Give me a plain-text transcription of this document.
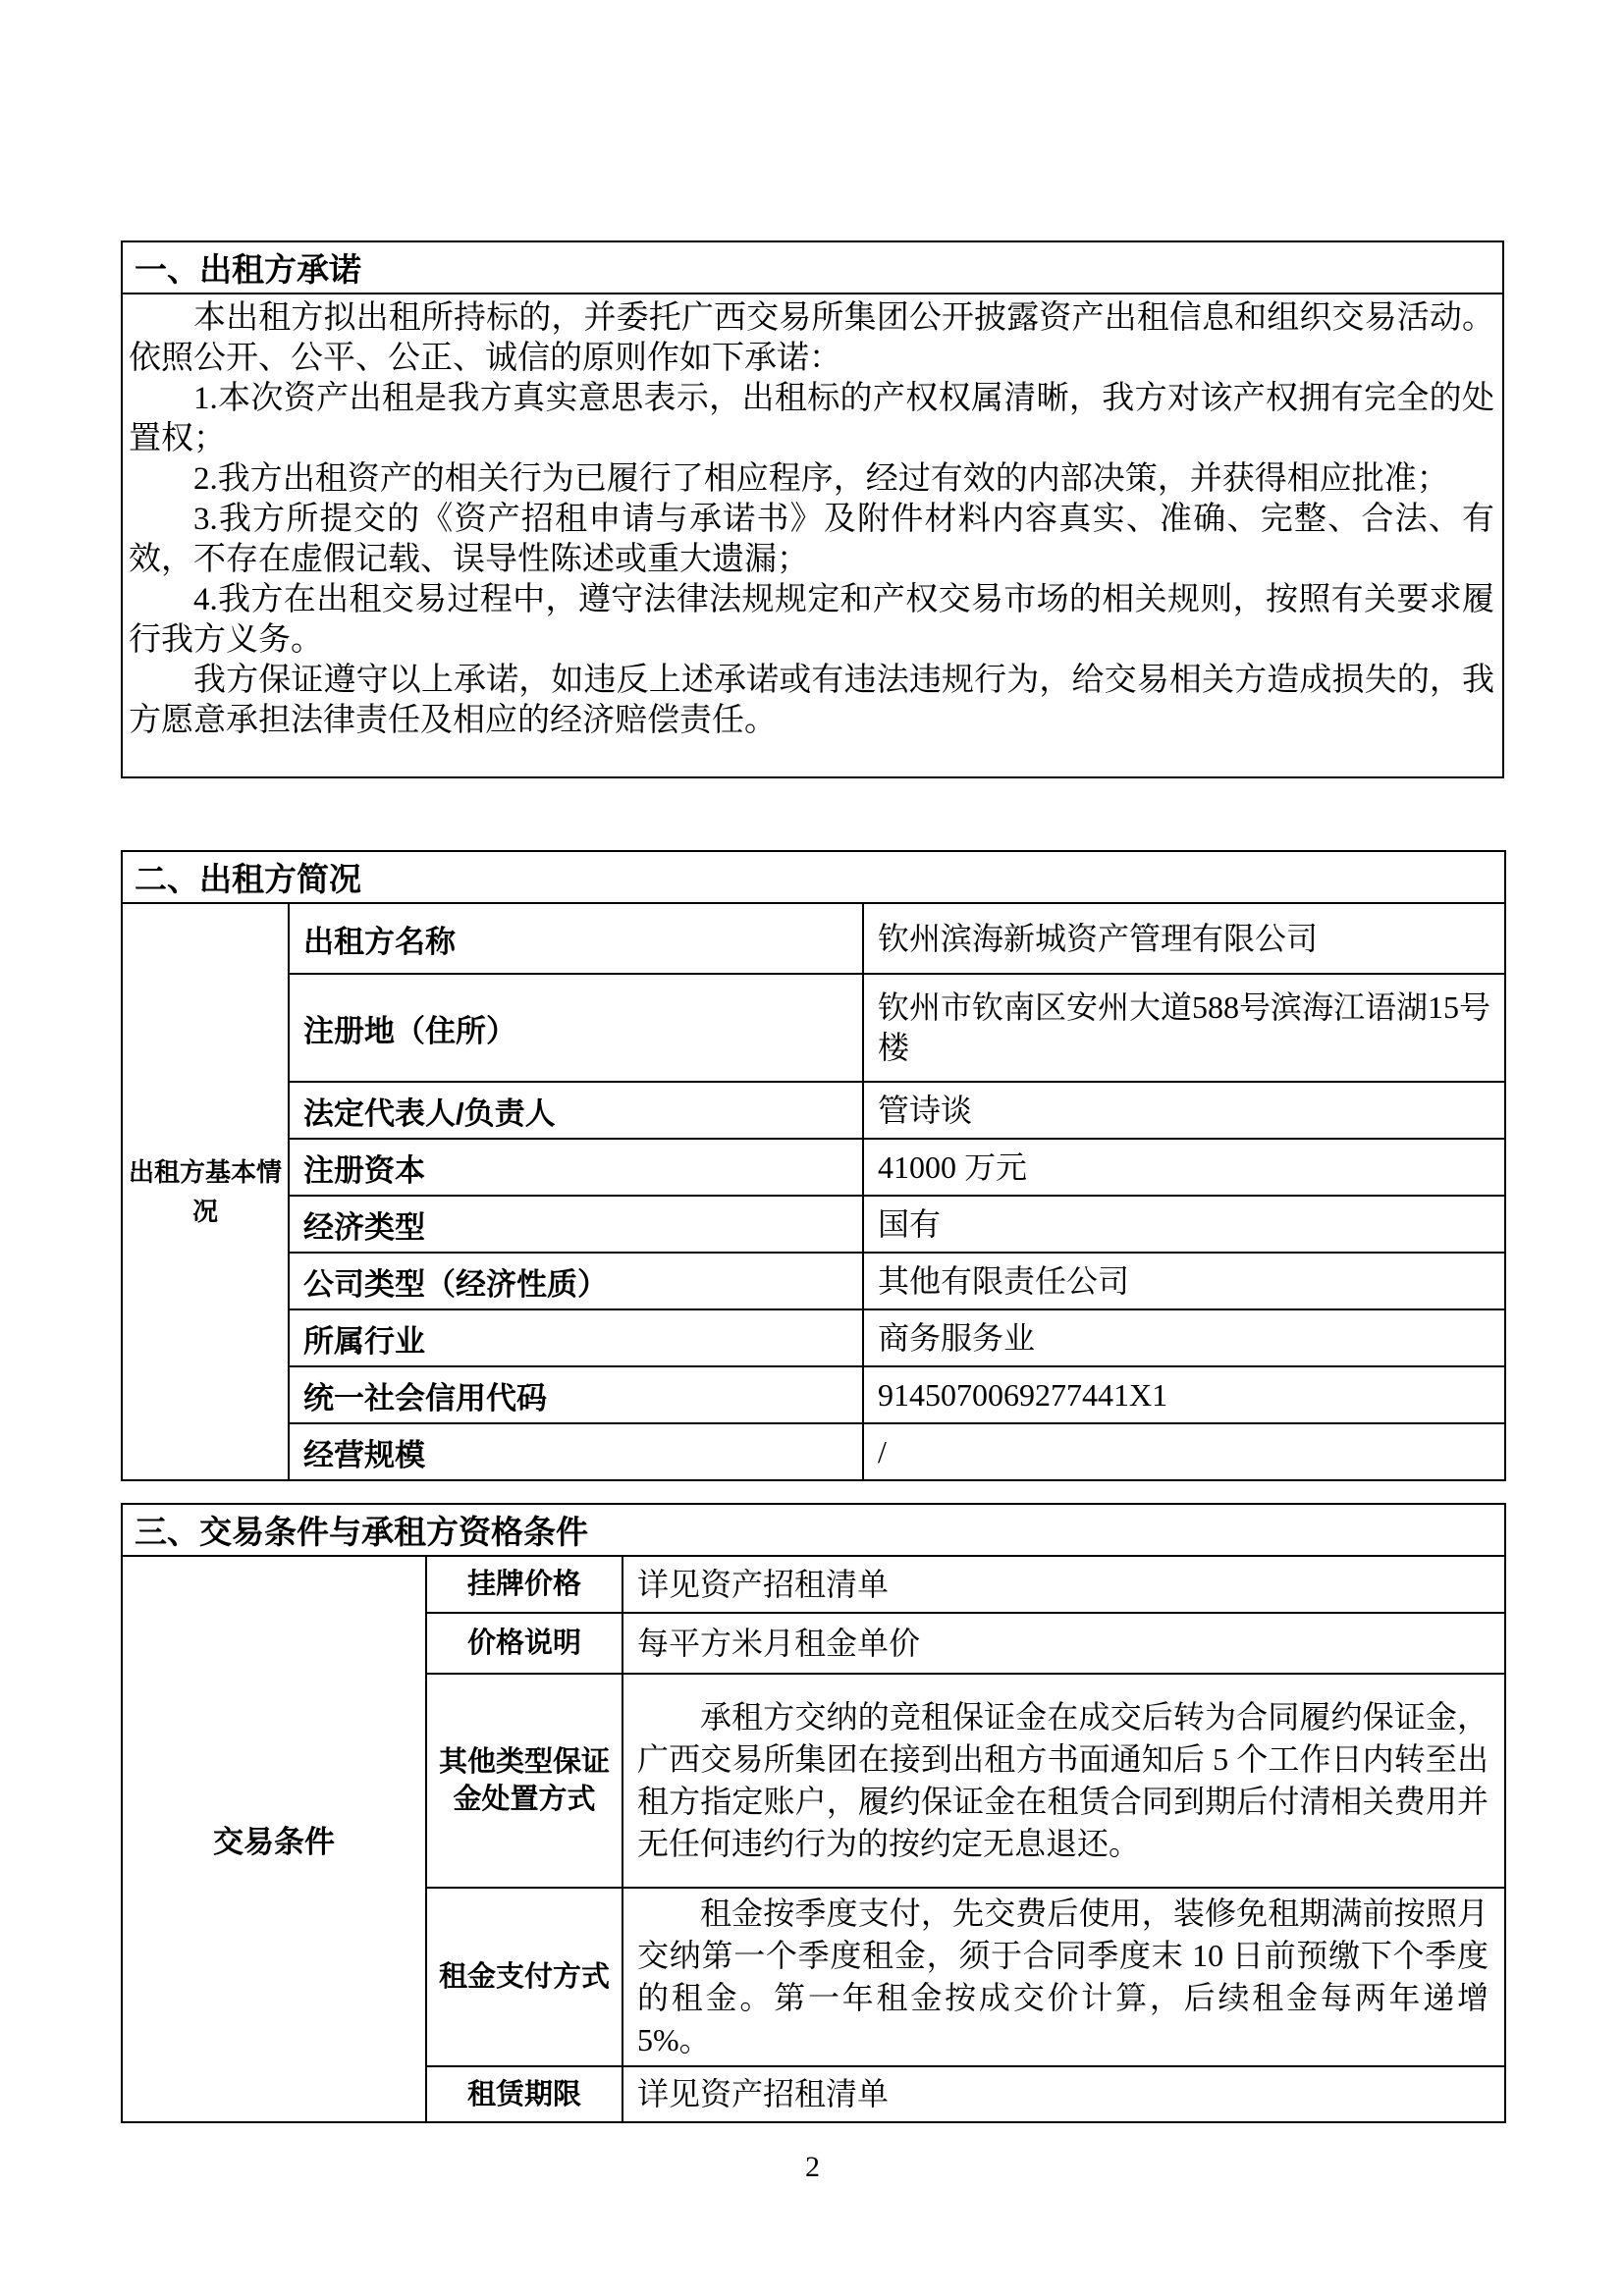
一、出租方承诺

本出租方拟出租所持标的，并委托广西交易所集团公开披露资产出租信息和组织交易活动。依照公开、公平、公正、诚信的原则作如下承诺：

1.本次资产出租是我方真实意思表示，出租标的产权权属清晰，我方对该产权拥有完全的处置权；

2.我方出租资产的相关行为已履行了相应程序，经过有效的内部决策，并获得相应批准；

3.我方所提交的《资产招租申请与承诺书》及附件材料内容真实、准确、完整、合法、有效，不存在虚假记载、误导性陈述或重大遗漏；

4.我方在出租交易过程中，遵守法律法规规定和产权交易市场的相关规则，按照有关要求履行我方义务。

我方保证遵守以上承诺，如违反上述承诺或有违法违规行为，给交易相关方造成损失的，我方愿意承担法律责任及相应的经济赔偿责任。

二、出租方简况		
出租方基本情况	出租方名称	钦州滨海新城资产管理有限公司
	注册地（住所）	钦州市钦南区安州大道588号滨海江语湖15号楼
	法定代表人/负责人	管诗谈
	注册资本	41000 万元
	经济类型	国有
	公司类型（经济性质）	其他有限责任公司
	所属行业	商务服务业
	统一社会信用代码	9145070069277441X1
	经营规模	/
三、交易条件与承租方资格条件		
交易条件	挂牌价格	详见资产招租清单
	价格说明	每平方米月租金单价
	其他类型保证金处置方式	承租方交纳的竞租保证金在成交后转为合同履约保证金，广西交易所集团在接到出租方书面通知后 5 个工作日内转至出租方指定账户，履约保证金在租赁合同到期后付清相关费用并无任何违约行为的按约定无息退还。

	租金支付方式	租金按季度支付，先交费后使用，装修免租期满前按照月交纳第一个季度租金，须于合同季度末 10 日前预缴下个季度的租金。第一年租金按成交价计算，后续租金每两年递增 5%。

	租赁期限	详见资产招租清单
2
